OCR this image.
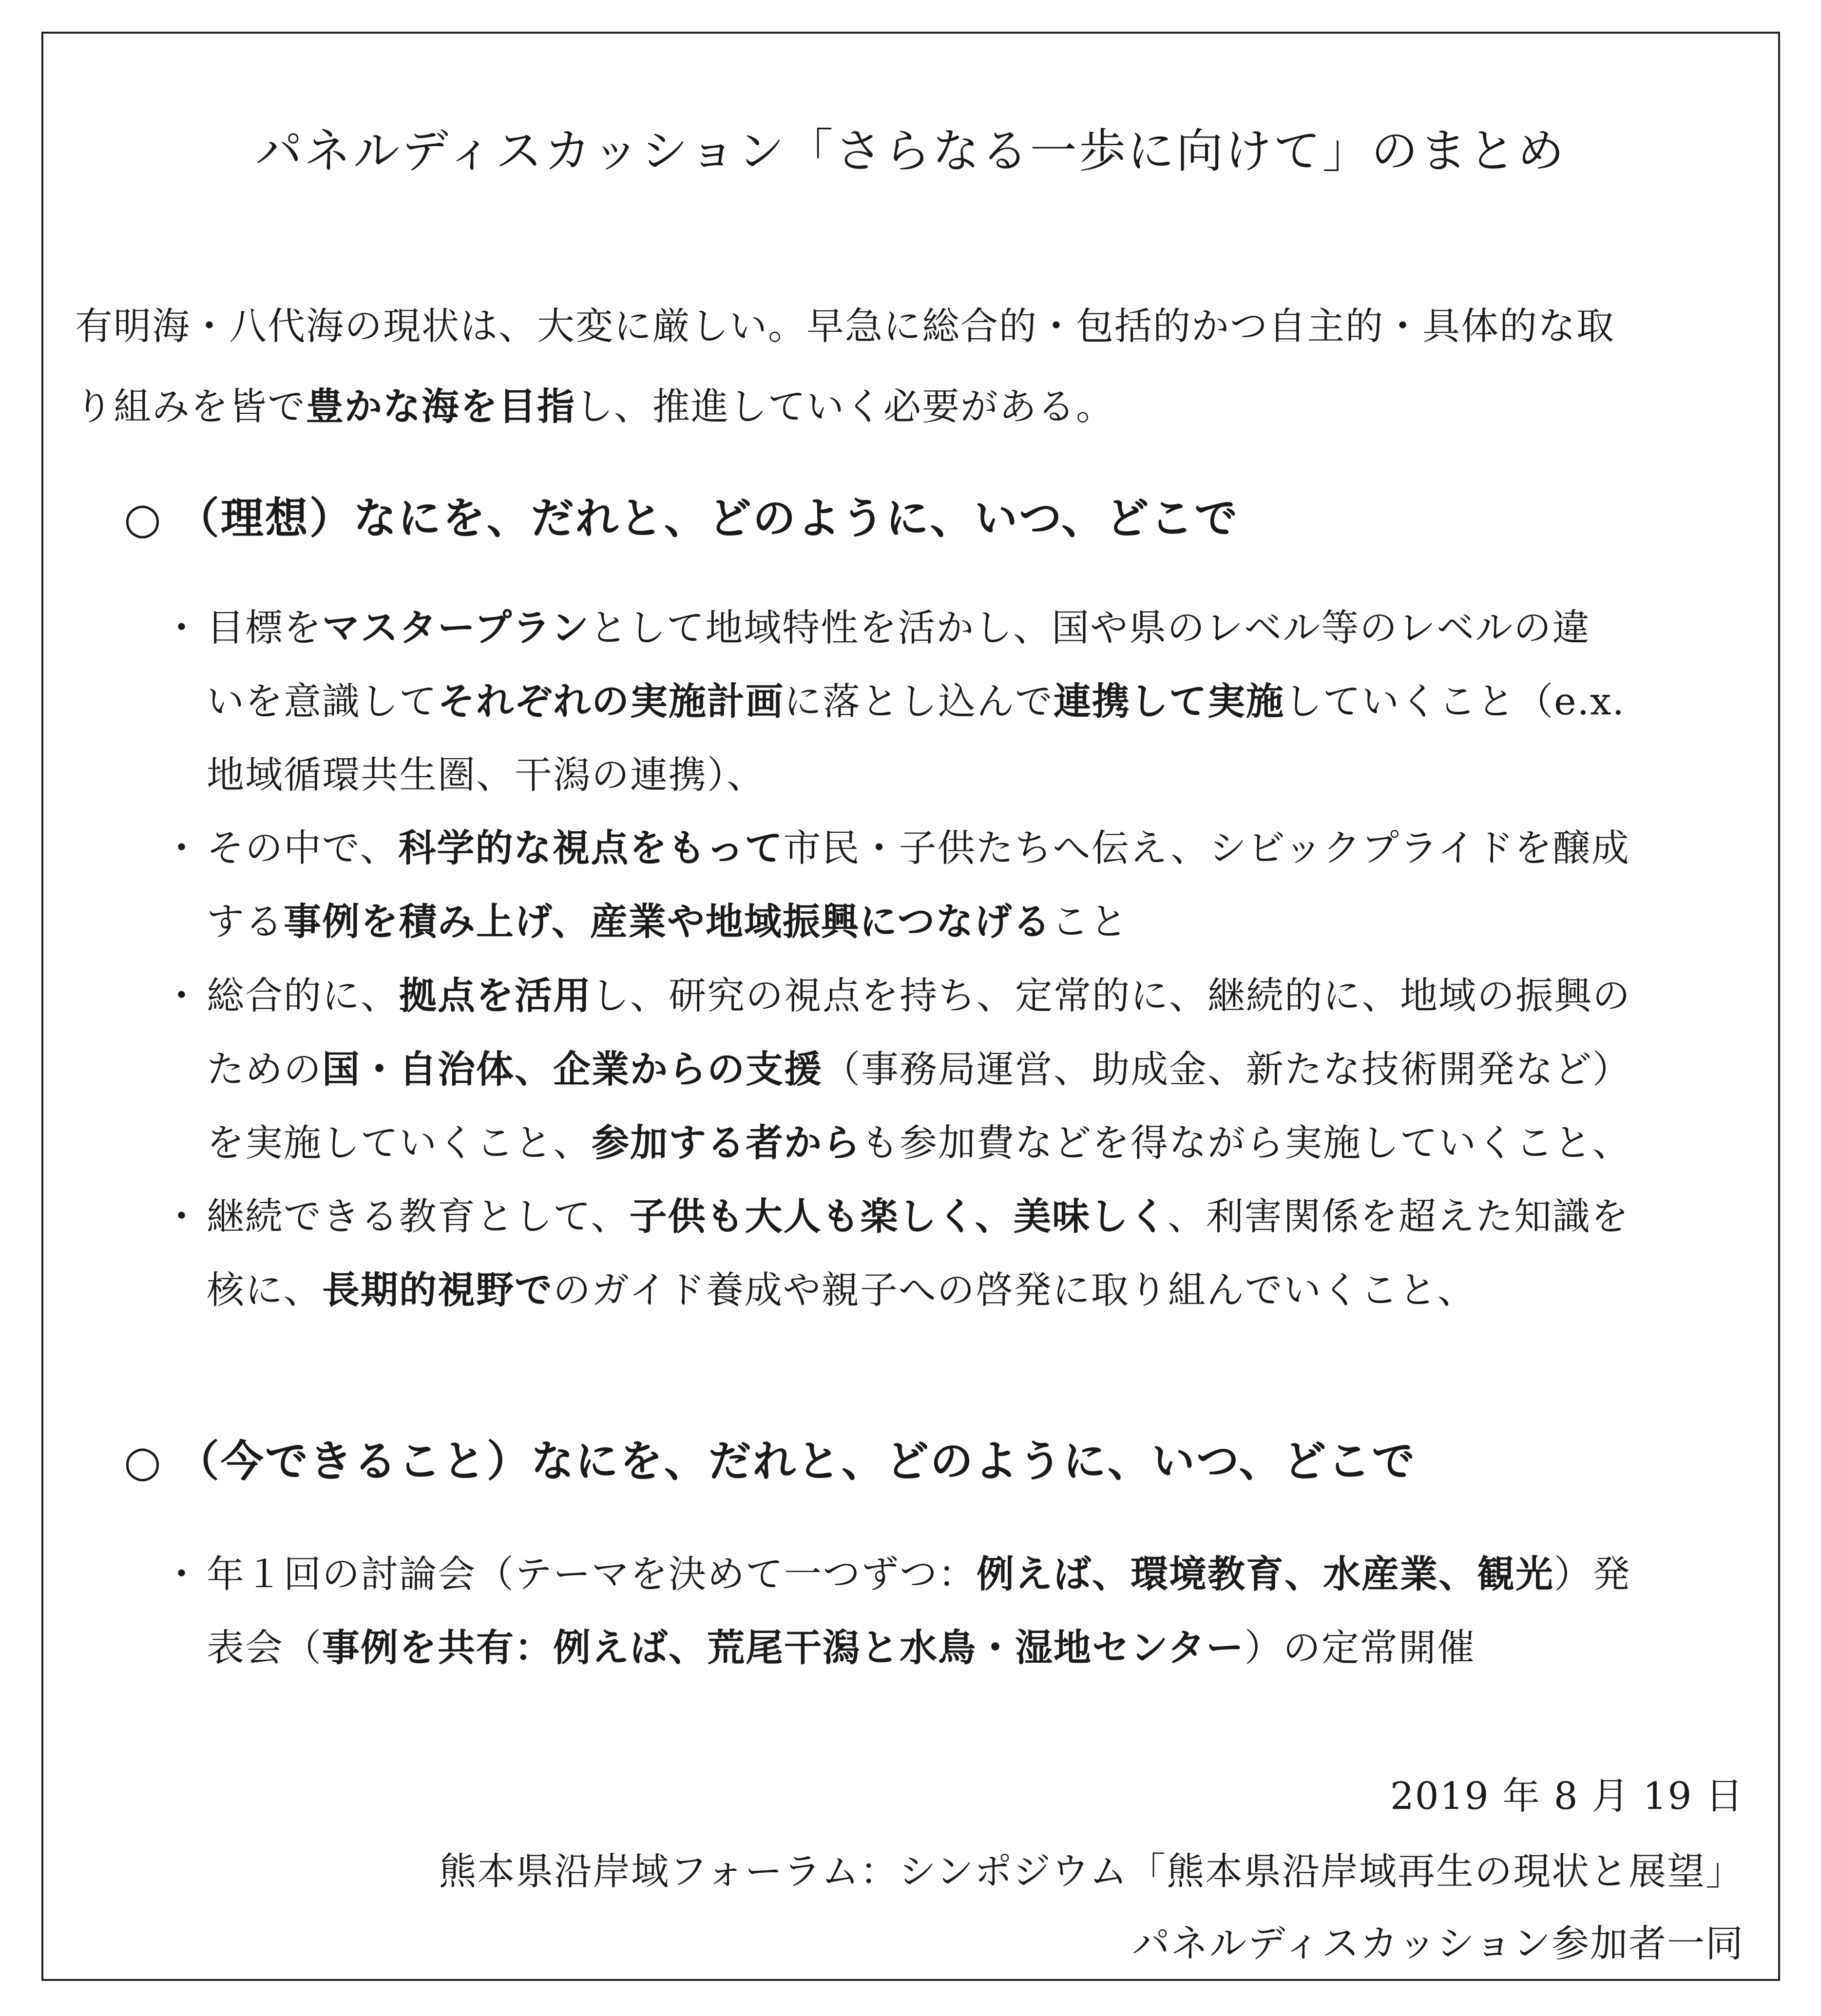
パネルディスカッション「さらなる一歩に向けて」のまとめ
有明海・八代海の現状は、大変に厳しい。早急に総合的・包括的かつ自主的・具体的な取
り組みを皆で豊かな海を目指し、推進していく必要がある。
○ （理想）なにを、だれと、どのように、いつ、どこで
・ 目標をマスタープランとして地域特性を活かし、国や県のレベル等のレベルの違
いを意識してそれぞれの実施計画に落とし込んで連携して実施していくこと（e.x.
地域循環共生圏、干潟の連携）、
・ その中で、科学的な視点をもって市民・子供たちへ伝え、シビックプライドを醸成
する事例を積み上げ、産業や地域振興につなげること
・ 総合的に、拠点を活用し、研究の視点を持ち、定常的に、継続的に、地域の振興の
ための国・自治体、企業からの支援（事務局運営、助成金、新たな技術開発など）
を実施していくこと、参加する者からも参加費などを得ながら実施していくこと、
・ 継続できる教育として、子供も大人も楽しく、美味しく、利害関係を超えた知識を
核に、長期的視野でのガイド養成や親子への啓発に取り組んでいくこと、
○ （今できること）なにを、だれと、どのように、いつ、どこで
・ 年１回の討論会（テーマを決めて一つずつ：例えば、環境教育、水産業、観光）発
表会（事例を共有：例えば、荒尾干潟と水鳥・湿地センター）の定常開催
2019 年 8 月 19 日
熊本県沿岸域フォーラム：シンポジウム「熊本県沿岸域再生の現状と展望」
パネルディスカッション参加者一同
